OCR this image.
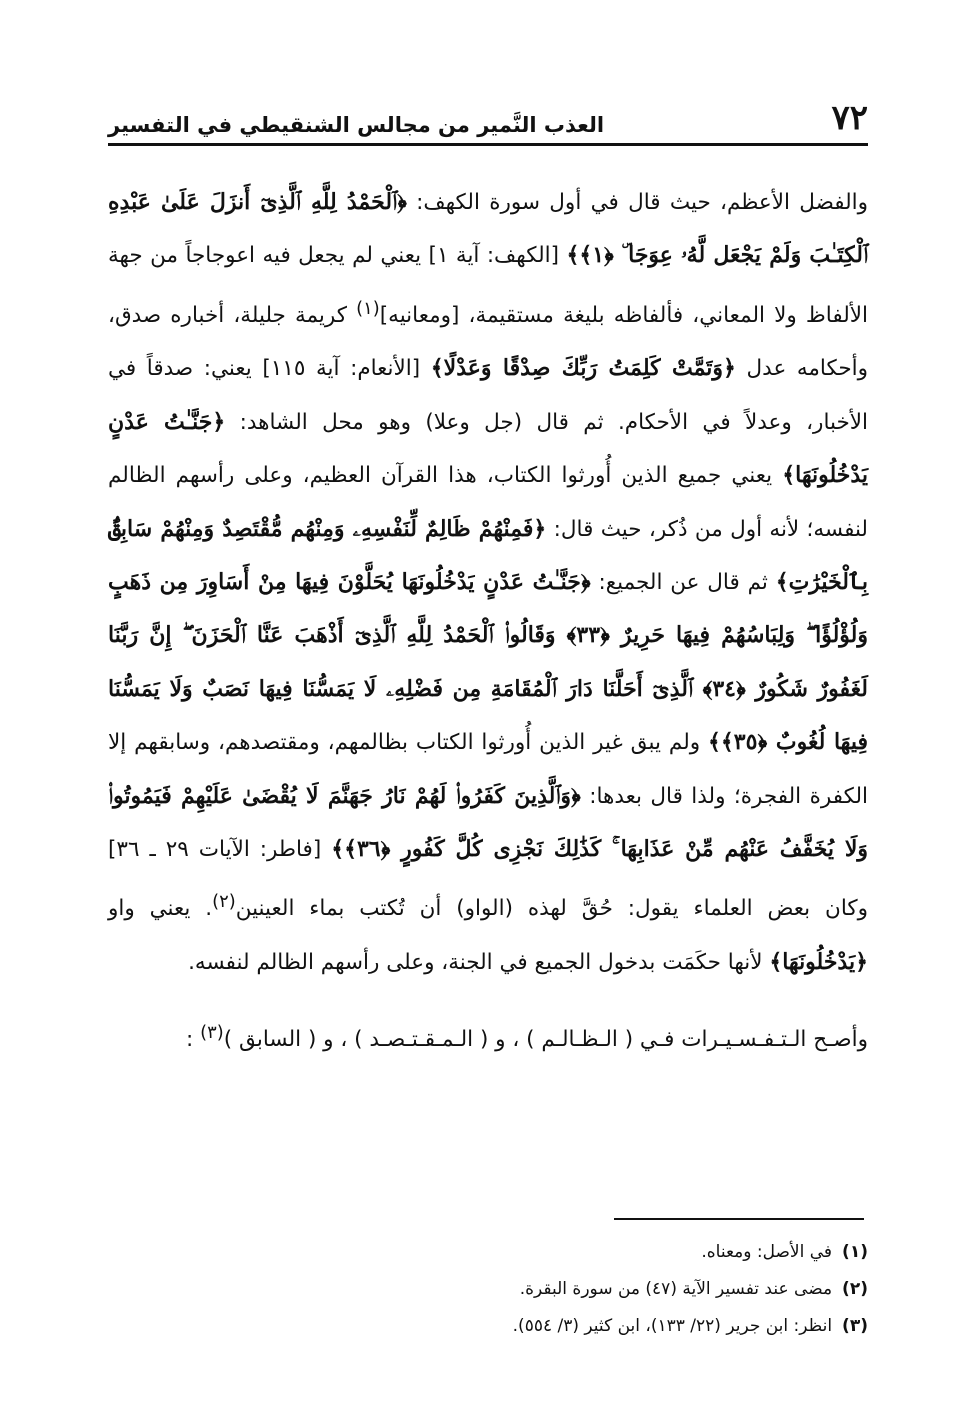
٧٢
العذب النَّمير من مجالس الشنقيطي في التفسير

والفضل الأعظم، حيث قال في أول سورة الكهف: ﴿ٱلْحَمْدُ لِلَّهِ ٱلَّذِىٓ أَنزَلَ عَلَىٰ عَبْدِهِ ٱلْكِتَـٰبَ وَلَمْ يَجْعَل لَّهُۥ عِوَجَا ۜ ﴿١﴾﴾ [الكهف: آية ١] يعني لم يجعل فيه اعوجاجاً من جهة الألفاظ ولا المعاني، فألفاظه بليغة مستقيمة، [ومعانيه]$^{(١)}$ كريمة جليلة، أخباره صدق، وأحكامه عدل ﴿وَتَمَّتْ كَلِمَتُ رَبِّكَ صِدْقًا وَعَدْلًا﴾ [الأنعام: آية ١١٥] يعني: صدقاً في الأخبار، وعدلاً في الأحكام. ثم قال (جل وعلا) وهو محل الشاهد: ﴿جَنَّـٰتُ عَدْنٍ يَدْخُلُونَهَا﴾ يعني جميع الذين أُورثوا الكتاب، هذا القرآن العظيم، وعلى رأسهم الظالم لنفسه؛ لأنه أول من ذُكر، حيث قال: ﴿فَمِنْهُمْ ظَالِمٌ لِّنَفْسِهِۦ وَمِنْهُم مُّقْتَصِدٌ وَمِنْهُمْ سَابِقٌۢ بِٱلْخَيْرَٰتِ﴾ ثم قال عن الجميع: ﴿جَنَّـٰتُ عَدْنٍ يَدْخُلُونَهَا يُحَلَّوْنَ فِيهَا مِنْ أَسَاوِرَ مِن ذَهَبٍ وَلُؤْلُؤًا ۖ وَلِبَاسُهُمْ فِيهَا حَرِيرٌ ﴿٣٣﴾ وَقَالُوا۟ ٱلْحَمْدُ لِلَّهِ ٱلَّذِىٓ أَذْهَبَ عَنَّا ٱلْحَزَنَ ۖ إِنَّ رَبَّنَا لَغَفُورٌ شَكُورٌ ﴿٣٤﴾ ٱلَّذِىٓ أَحَلَّنَا دَارَ ٱلْمُقَامَةِ مِن فَضْلِهِۦ لَا يَمَسُّنَا فِيهَا نَصَبٌ وَلَا يَمَسُّنَا فِيهَا لُغُوبٌ ﴿٣٥﴾﴾ ولم يبق غير الذين أُورثوا الكتاب بظالمهم، ومقتصدهم، وسابقهم إلا الكفرة الفجرة؛ ولذا قال بعدها: ﴿وَٱلَّذِينَ كَفَرُوا۟ لَهُمْ نَارُ جَهَنَّمَ لَا يُقْضَىٰ عَلَيْهِمْ فَيَمُوتُوا۟ وَلَا يُخَفَّفُ عَنْهُم مِّنْ عَذَابِهَا ۚ كَذَٰلِكَ نَجْزِى كُلَّ كَفُورٍ ﴿٣٦﴾﴾ [فاطر: الآيات ٢٩ ـ ٣٦] وكان بعض العلماء يقول: حُقَّ لهذه (الواو) أن تُكتب بماء العينين$^{(٢)}$. يعني واو ﴿يَدْخُلُونَهَا﴾ لأنها حكَمَت بدخول الجميع في الجنة، وعلى رأسهم الظالم لنفسه.

وأصـح الـتـفـسـيـرات فـي ( الـظـالـم ) ، و ( الـمـقـتـصـد ) ، و ( السابق )$^{(٣)}$ :

(١)في الأصل: ومعناه.
(٢)مضى عند تفسير الآية (٤٧) من سورة البقرة.
(٣)انظر: ابن جرير (٢٢/ ١٣٣)، ابن كثير (٣/ ٥٥٤).
